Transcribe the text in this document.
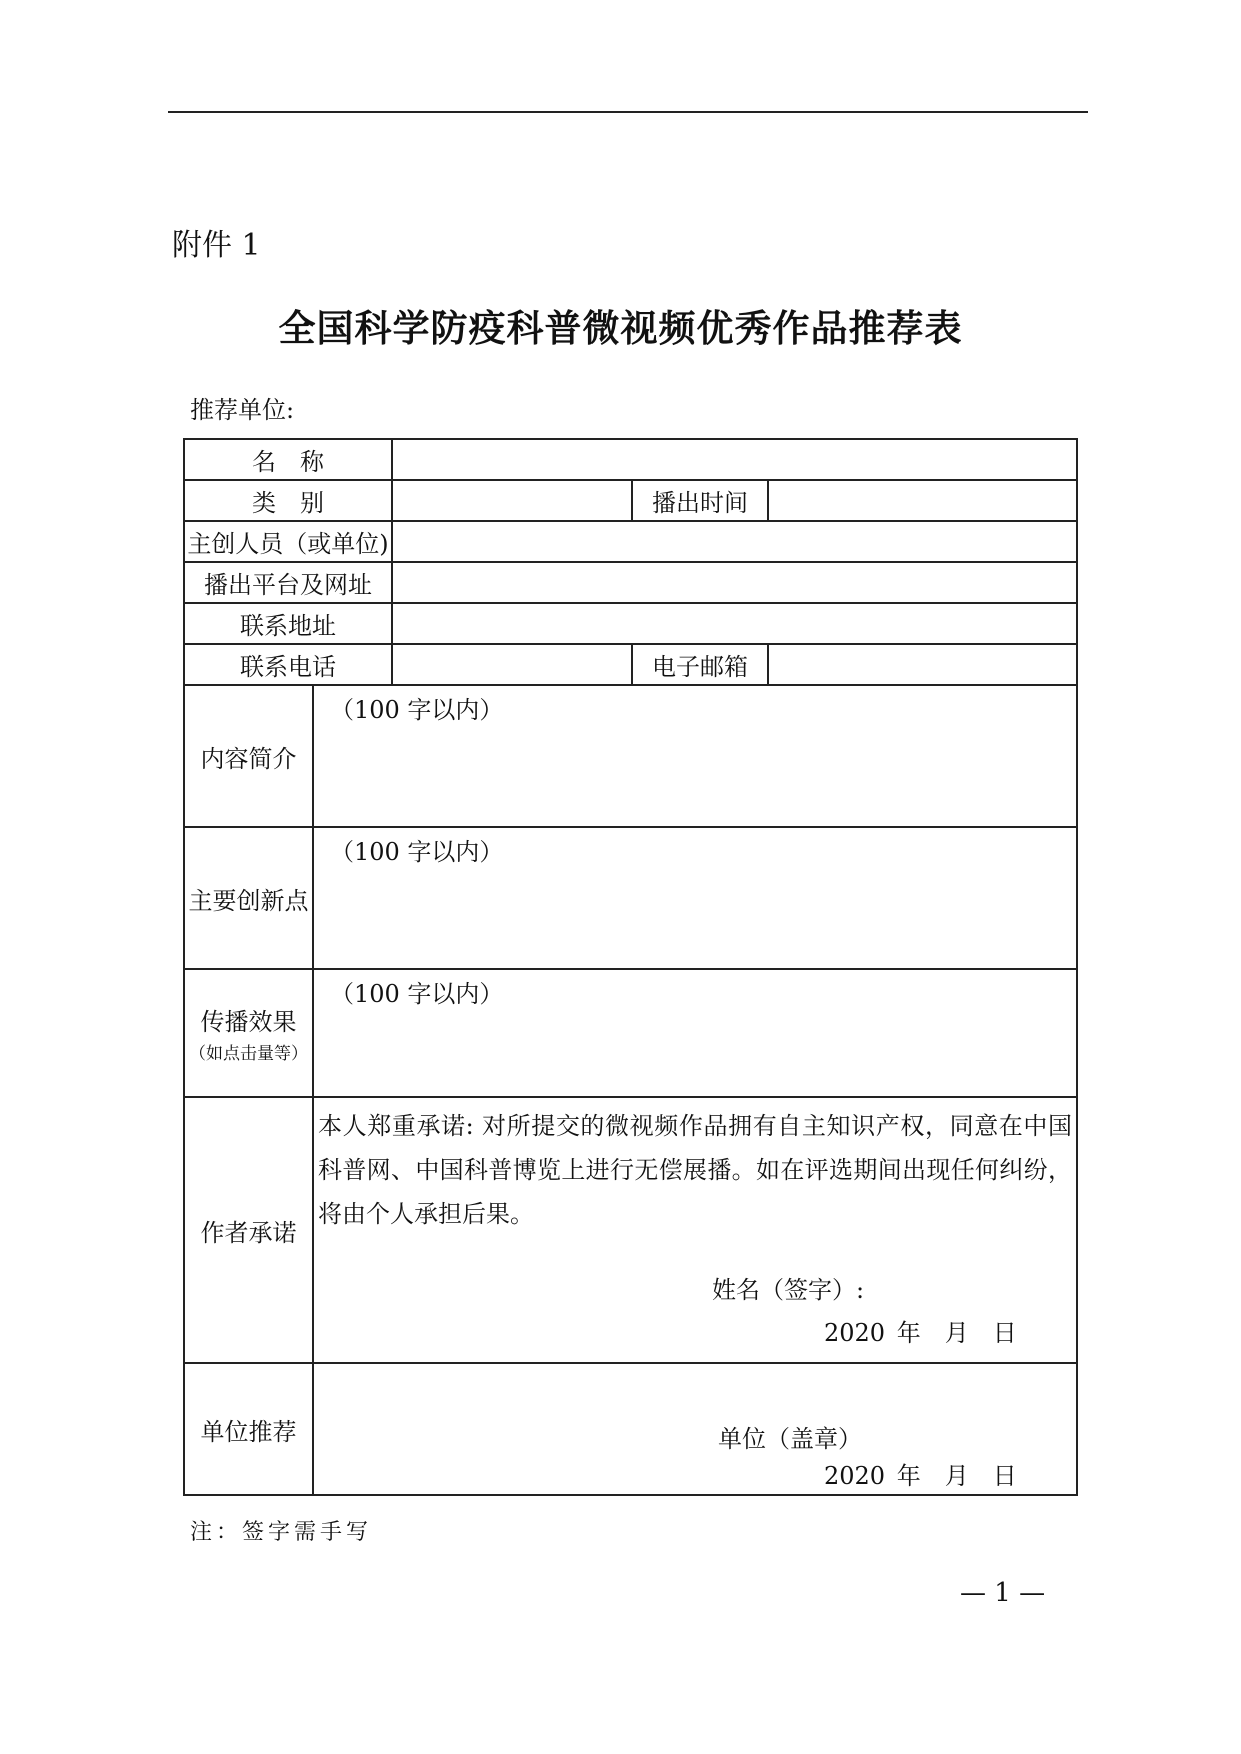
附件 1
全国科学防疫科普微视频优秀作品推荐表
推荐单位:
名　称				
类　别			播出时间	
主创人员（或单位)				
播出平台及网址				
联系地址				
联系电话			电子邮箱	
内容简介	（100 字以内）			
主要创新点	（100 字以内）			
传播效果
（如点击量等）	（100 字以内）			
作者承诺	本人郑重承诺: 对所提交的微视频作品拥有自主知识产权，同意在中国科普网、中国科普博览上进行无偿展播。如在评选期间出现任何纠纷，将由个人承担后果。
姓名（签字）:
2020 年　月　日			

单位推荐	单位（盖章）
2020 年　月　日			
注：签字需手写
— 1 —
